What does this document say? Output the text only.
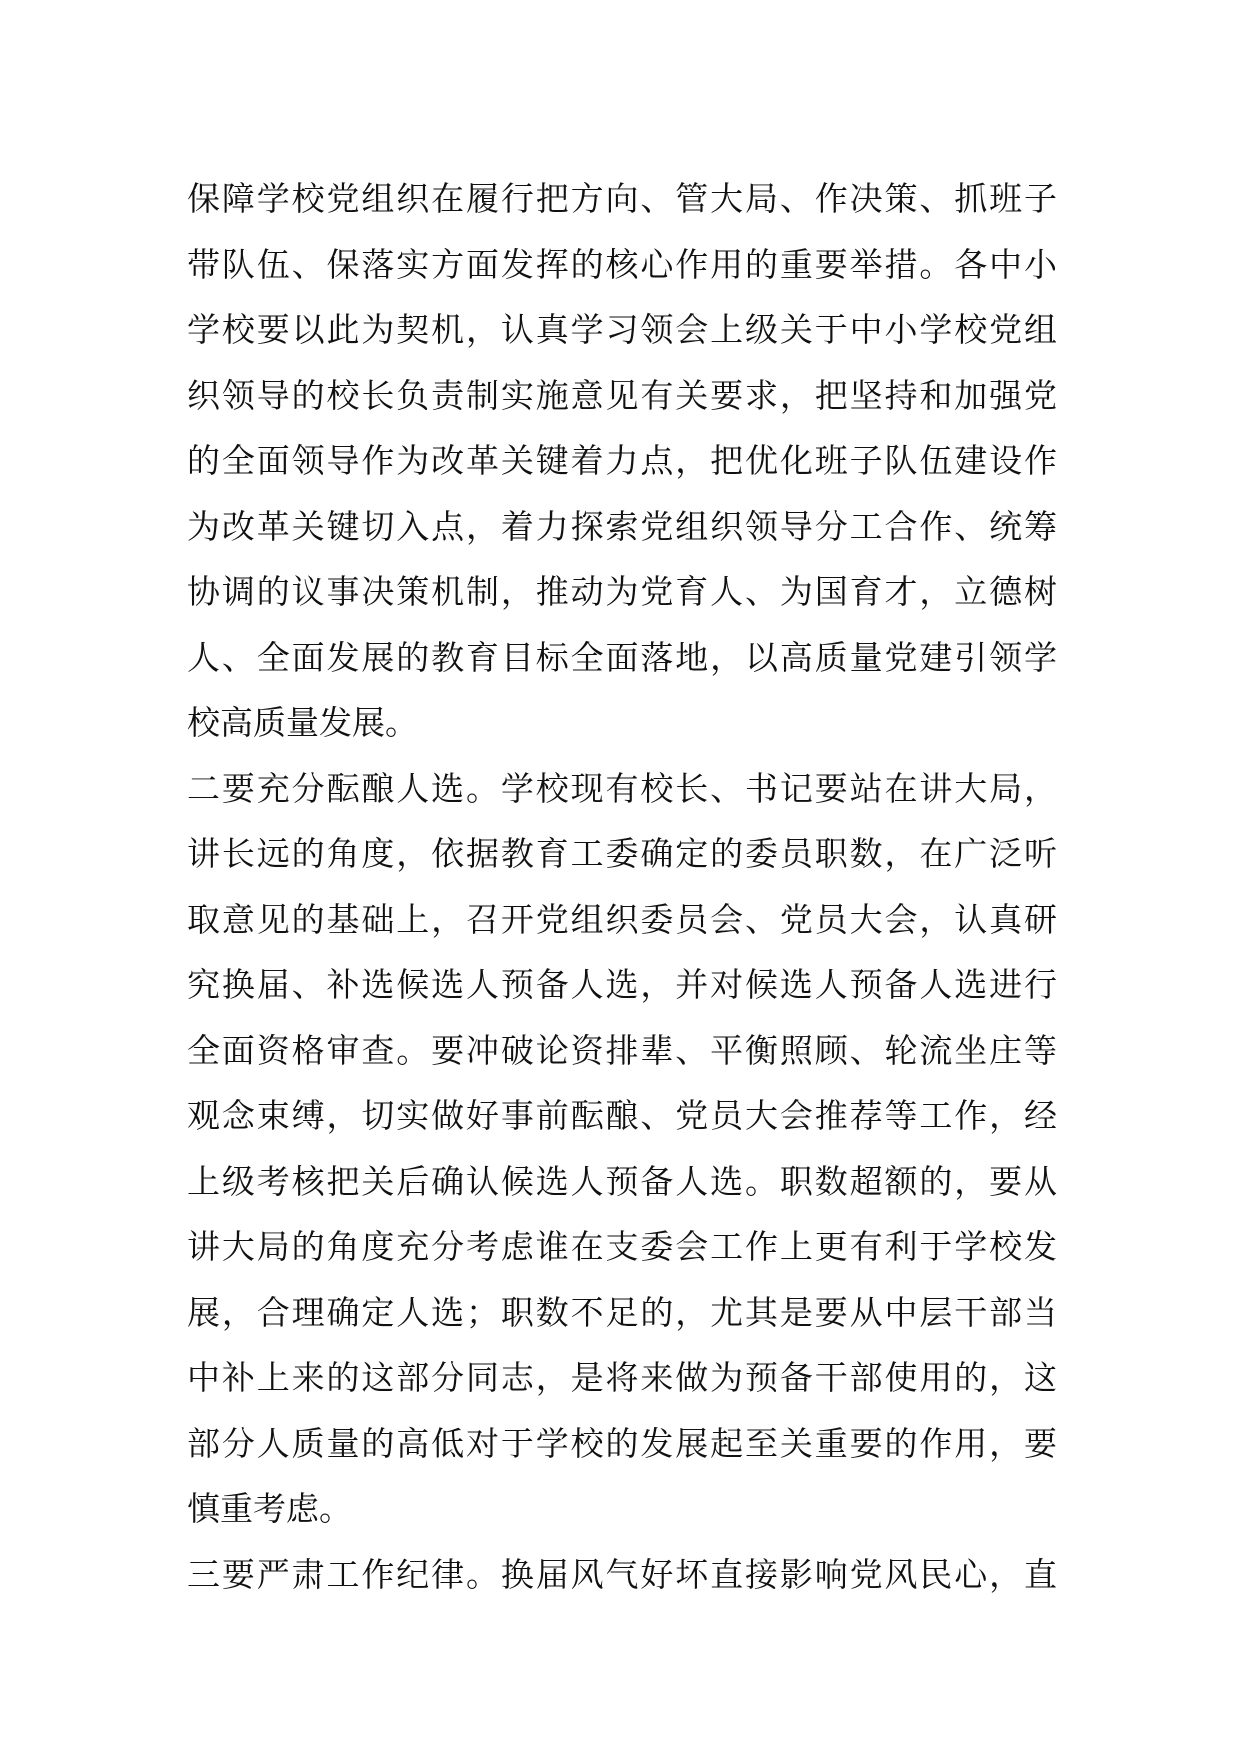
保障学校党组织在履行把方向、管大局、作决策、抓班子
带队伍、保落实方面发挥的核心作用的重要举措。各中小
学校要以此为契机，认真学习领会上级关于中小学校党组
织领导的校长负责制实施意见有关要求，把坚持和加强党
的全面领导作为改革关键着力点，把优化班子队伍建设作
为改革关键切入点，着力探索党组织领导分工合作、统筹
协调的议事决策机制，推动为党育人、为国育才，立德树
人、全面发展的教育目标全面落地，以高质量党建引领学
校高质量发展。
二要充分酝酿人选。学校现有校长、书记要站在讲大局，
讲长远的角度，依据教育工委确定的委员职数，在广泛听
取意见的基础上，召开党组织委员会、党员大会，认真研
究换届、补选候选人预备人选，并对候选人预备人选进行
全面资格审查。要冲破论资排辈、平衡照顾、轮流坐庄等
观念束缚，切实做好事前酝酿、党员大会推荐等工作，经
上级考核把关后确认候选人预备人选。职数超额的，要从
讲大局的角度充分考虑谁在支委会工作上更有利于学校发
展，合理确定人选；职数不足的，尤其是要从中层干部当
中补上来的这部分同志，是将来做为预备干部使用的，这
部分人质量的高低对于学校的发展起至关重要的作用，要
慎重考虑。
三要严肃工作纪律。换届风气好坏直接影响党风民心，直
